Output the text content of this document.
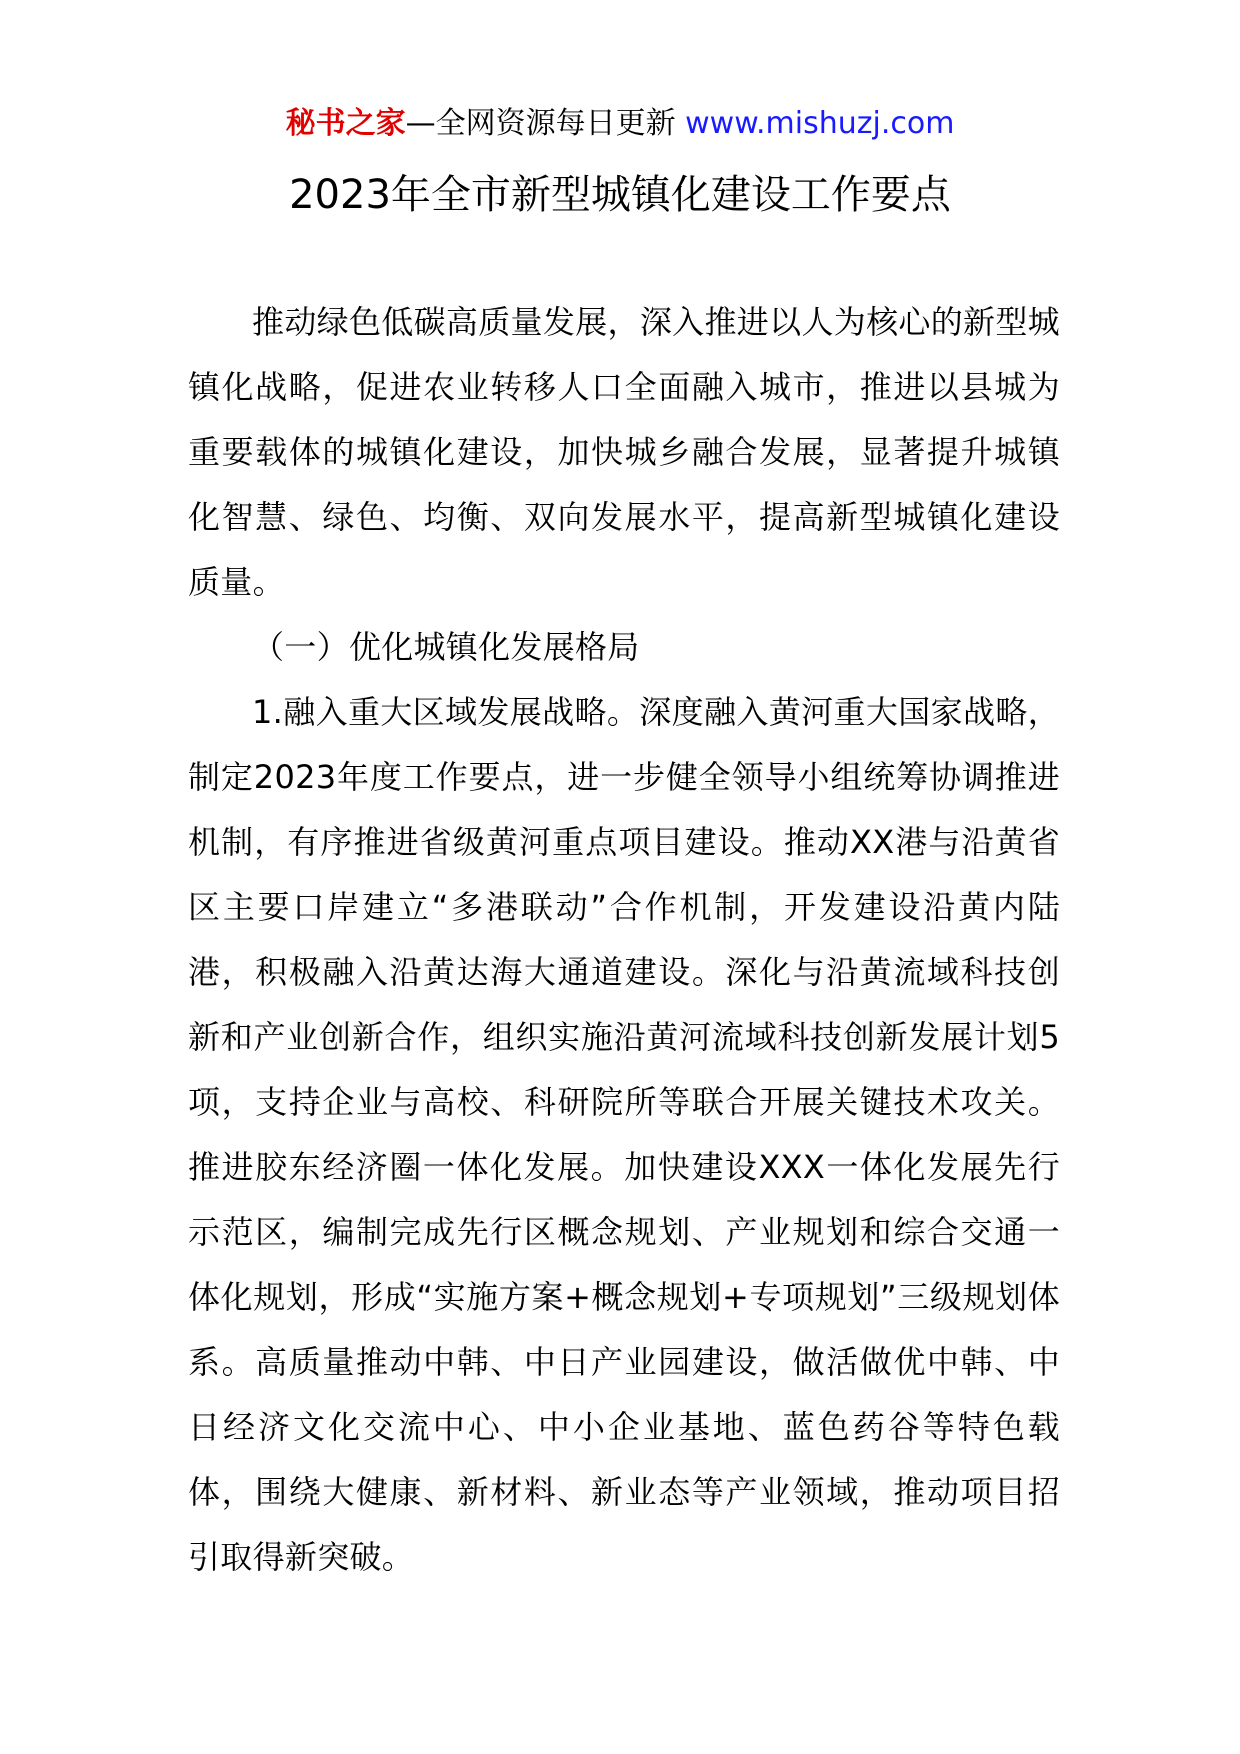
秘书之家—全网资源每日更新 www.mishuzj.com
2023年全市新型城镇化建设工作要点

推动绿色低碳高质量发展，深入推进以人为核心的新型城镇化战略，促进农业转移人口全面融入城市，推进以县城为重要载体的城镇化建设，加快城乡融合发展，显著提升城镇化智慧、绿色、均衡、双向发展水平，提高新型城镇化建设质量。

（一）优化城镇化发展格局

1.融入重大区域发展战略。深度融入黄河重大国家战略，制定2023年度工作要点，进一步健全领导小组统筹协调推进机制，有序推进省级黄河重点项目建设。推动XX港与沿黄省区主要口岸建立“多港联动”合作机制，开发建设沿黄内陆港，积极融入沿黄达海大通道建设。深化与沿黄流域科技创新和产业创新合作，组织实施沿黄河流域科技创新发展计划5项，支持企业与高校、科研院所等联合开展关键技术攻关。推进胶东经济圈一体化发展。加快建设XXX一体化发展先行示范区，编制完成先行区概念规划、产业规划和综合交通一体化规划，形成“实施方案+概念规划+专项规划”三级规划体系。高质量推动中韩、中日产业园建设，做活做优中韩、中日经济文化交流中心、中小企业基地、蓝色药谷等特色载体，围绕大健康、新材料、新业态等产业领域，推动项目招引取得新突破。
